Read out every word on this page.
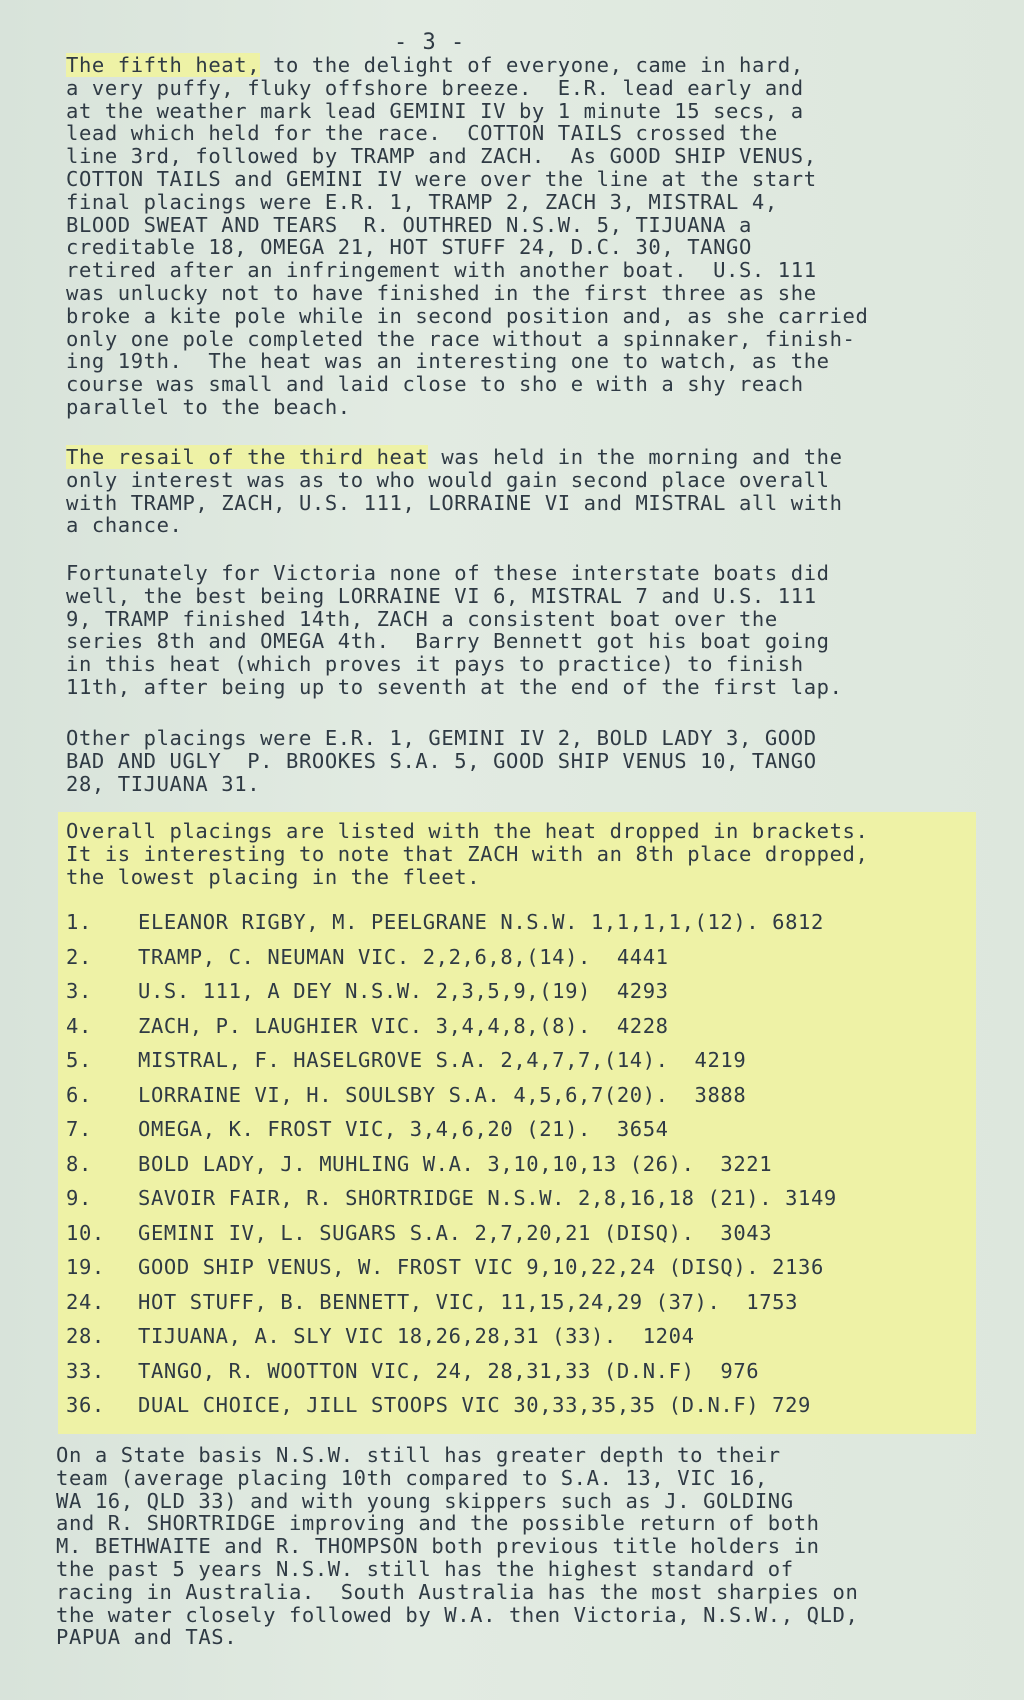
- 3 -

The fifth heat, to the delight of everyone, came in hard,
a very puffy, fluky offshore breeze.  E.R. lead early and
at the weather mark lead GEMINI IV by 1 minute 15 secs, a
lead which held for the race.  COTTON TAILS crossed the
line 3rd, followed by TRAMP and ZACH.  As GOOD SHIP VENUS,
COTTON TAILS and GEMINI IV were over the line at the start
final placings were E.R. 1, TRAMP 2, ZACH 3, MISTRAL 4,
BLOOD SWEAT AND TEARS  R. OUTHRED N.S.W. 5, TIJUANA a
creditable 18, OMEGA 21, HOT STUFF 24, D.C. 30, TANGO
retired after an infringement with another boat.  U.S. 111
was unlucky not to have finished in the first three as she
broke a kite pole while in second position and, as she carried
only one pole completed the race without a spinnaker, finish-
ing 19th.  The heat was an interesting one to watch, as the
course was small and laid close to sho e with a shy reach
parallel to the beach.

The resail of the third heat was held in the morning and the
only interest was as to who would gain second place overall
with TRAMP, ZACH, U.S. 111, LORRAINE VI and MISTRAL all with
a chance.

Fortunately for Victoria none of these interstate boats did
well, the best being LORRAINE VI 6, MISTRAL 7 and U.S. 111
9, TRAMP finished 14th, ZACH a consistent boat over the
series 8th and OMEGA 4th.  Barry Bennett got his boat going
in this heat (which proves it pays to practice) to finish
11th, after being up to seventh at the end of the first lap.

Other placings were E.R. 1, GEMINI IV 2, BOLD LADY 3, GOOD
BAD AND UGLY  P. BROOKES S.A. 5, GOOD SHIP VENUS 10, TANGO
28, TIJUANA 31.

Overall placings are listed with the heat dropped in brackets.
It is interesting to note that ZACH with an 8th place dropped,
the lowest placing in the fleet.

1. ELEANOR RIGBY, M. PEELGRANE N.S.W. 1,1,1,1,(12). 6812
2. TRAMP, C. NEUMAN VIC. 2,2,6,8,(14).  4441
3. U.S. 111, A DEY N.S.W. 2,3,5,9,(19)  4293
4. ZACH, P. LAUGHIER VIC. 3,4,4,8,(8).  4228
5. MISTRAL, F. HASELGROVE S.A. 2,4,7,7,(14).  4219
6. LORRAINE VI, H. SOULSBY S.A. 4,5,6,7(20).  3888
7. OMEGA, K. FROST VIC, 3,4,6,20 (21).  3654
8. BOLD LADY, J. MUHLING W.A. 3,10,10,13 (26).  3221
9. SAVOIR FAIR, R. SHORTRIDGE N.S.W. 2,8,16,18 (21). 3149
10. GEMINI IV, L. SUGARS S.A. 2,7,20,21 (DISQ).  3043
19. GOOD SHIP VENUS, W. FROST VIC 9,10,22,24 (DISQ). 2136
24. HOT STUFF, B. BENNETT, VIC, 11,15,24,29 (37).  1753
28. TIJUANA, A. SLY VIC 18,26,28,31 (33).  1204
33. TANGO, R. WOOTTON VIC, 24, 28,31,33 (D.N.F)  976
36. DUAL CHOICE, JILL STOOPS VIC 30,33,35,35 (D.N.F) 729

On a State basis N.S.W. still has greater depth to their
team (average placing 10th compared to S.A. 13, VIC 16,
WA 16, QLD 33) and with young skippers such as J. GOLDING
and R. SHORTRIDGE improving and the possible return of both
M. BETHWAITE and R. THOMPSON both previous title holders in
the past 5 years N.S.W. still has the highest standard of
racing in Australia.  South Australia has the most sharpies on
the water closely followed by W.A. then Victoria, N.S.W., QLD,
PAPUA and TAS.
